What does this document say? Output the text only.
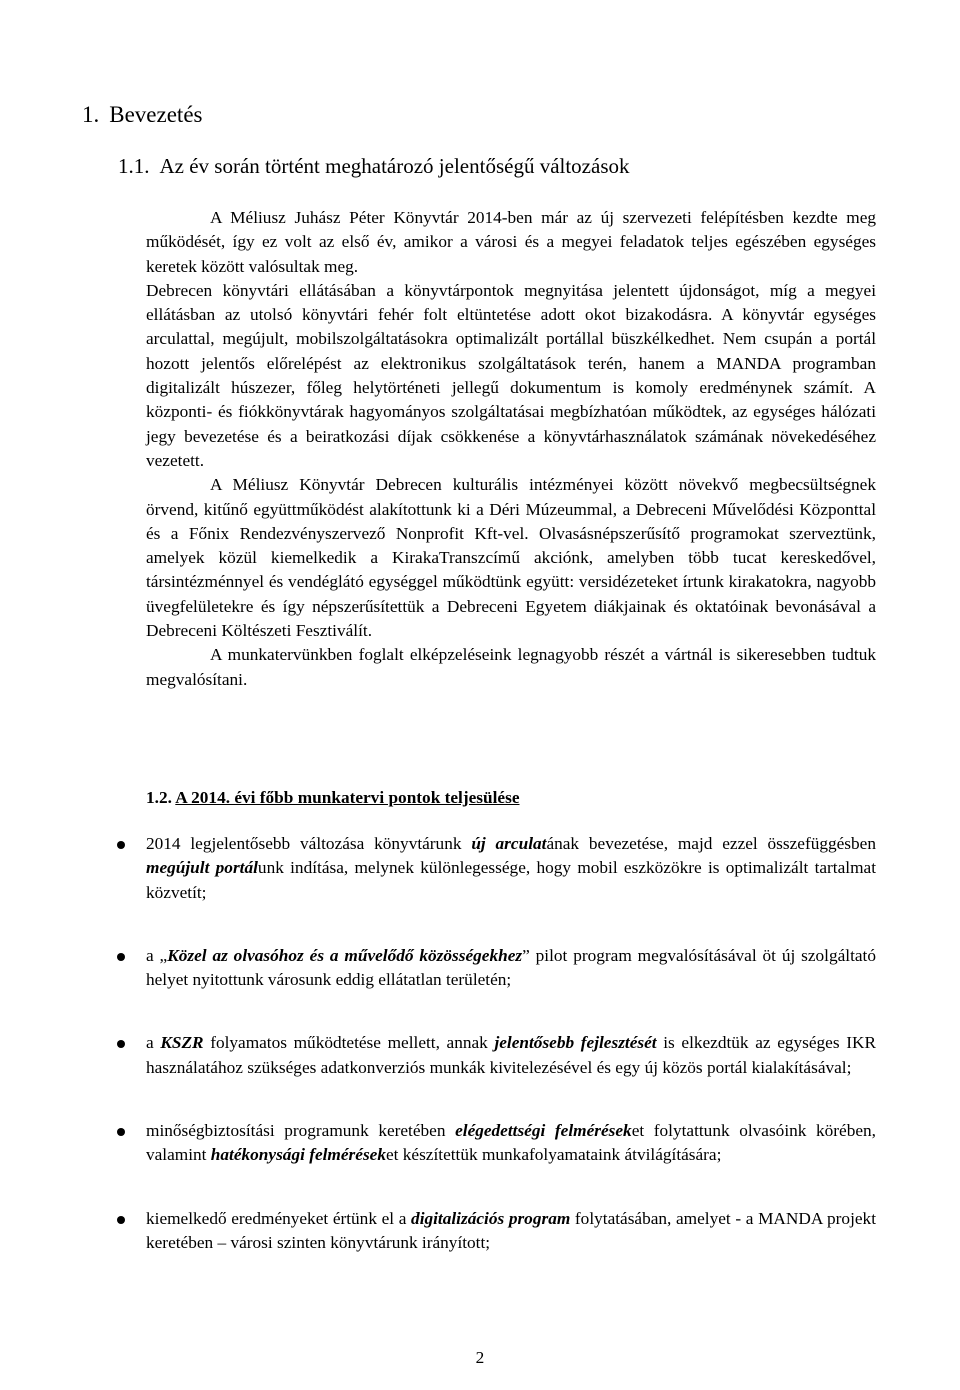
1. Bevezetés
1.1. Az év során történt meghatározó jelentőségű változások

A Méliusz Juhász Péter Könyvtár 2014-ben már az új szervezeti felépítésben kezdte meg működését, így ez volt az első év, amikor a városi és a megyei feladatok teljes egészében egységes keretek között valósultak meg.

Debrecen könyvtári ellátásában a könyvtárpontok megnyitása jelentett újdonságot, míg a megyei ellátásban az utolsó könyvtári fehér folt eltüntetése adott okot bizakodásra. A könyvtár egységes arculattal, megújult, mobilszolgáltatásokra optimalizált portállal büszkélkedhet. Nem csupán a portál hozott jelentős előrelépést az elektronikus szolgáltatások terén, hanem a MANDA programban digitalizált húszezer, főleg helytörténeti jellegű dokumentum is komoly eredménynek számít. A központi- és fiókkönyvtárak hagyományos szolgáltatásai megbízhatóan működtek, az egységes hálózati jegy bevezetése és a beiratkozási díjak csökkenése a könyvtárhasználatok számának növekedéséhez vezetett.

A Méliusz Könyvtár Debrecen kulturális intézményei között növekvő megbecsültségnek örvend, kitűnő együttműködést alakítottunk ki a Déri Múzeummal, a Debreceni Művelődési Központtal és a Főnix Rendezvényszervező Nonprofit Kft-vel. Olvasásnépszerűsítő programokat szerveztünk, amelyek közül kiemelkedik a KirakaTranszcímű akciónk, amelyben több tucat kereskedővel, társintézménnyel és vendéglátó egységgel működtünk együtt: versidézeteket írtunk kirakatokra, nagyobb üvegfelületekre és így népszerűsítettük a Debreceni Egyetem diákjainak és oktatóinak bevonásával a Debreceni Költészeti Fesztiválít.

A munkatervünkben foglalt elképzeléseink legnagyobb részét a vártnál is sikeresebben tudtuk megvalósítani.

1.2. A 2014. évi főbb munkatervi pontok teljesülése
2014 legjelentősebb változása könyvtárunk új arculatának bevezetése, majd ezzel összefüggésben megújult portálunk indítása, melynek különlegessége, hogy mobil eszközökre is optimalizált tartalmat közvetít;
a „Közel az olvasóhoz és a művelődő közösségekhez” pilot program megvalósításával öt új szolgáltató helyet nyitottunk városunk eddig ellátatlan területén;
a KSZR folyamatos működtetése mellett, annak jelentősebb fejlesztését is elkezdtük az egységes IKR használatához szükséges adatkonverziós munkák kivitelezésével és egy új közös portál kialakításával;
minőségbiztosítási programunk keretében elégedettségi felméréseket folytattunk olvasóink körében, valamint hatékonysági felméréseket készítettük munkafolyamataink átvilágítására;
kiemelkedő eredményeket értünk el a digitalizációs program folytatásában, amelyet - a MANDA projekt keretében – városi szinten könyvtárunk irányított;
2
